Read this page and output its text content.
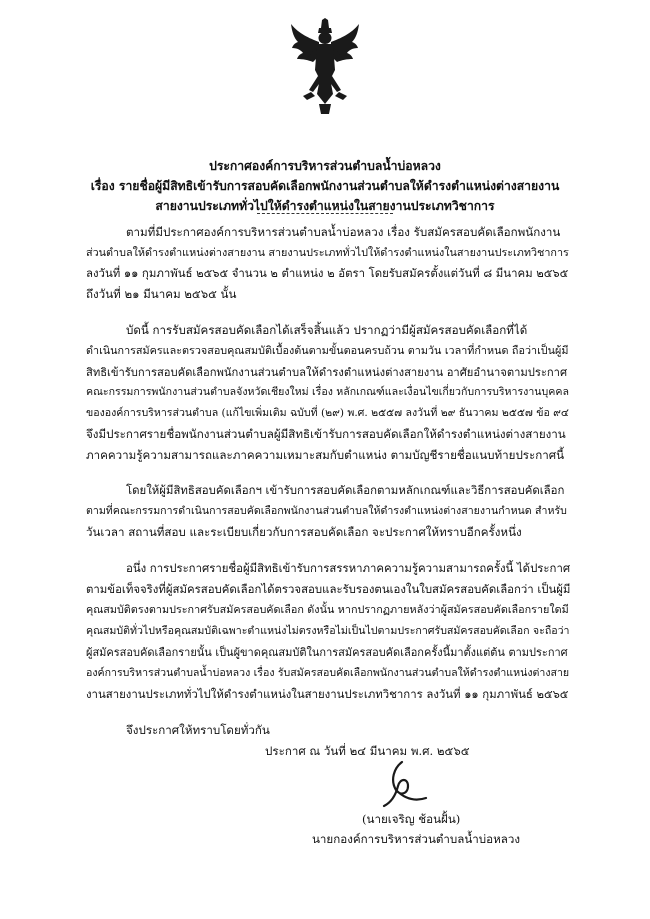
ประกาศองค์การบริหารส่วนตำบลน้ำบ่อหลวง
เรื่อง รายชื่อผู้มีสิทธิเข้ารับการสอบคัดเลือกพนักงานส่วนตำบลให้ดำรงตำแหน่งต่างสายงาน
สายงานประเภททั่วไปให้ดำรงตำแหน่งในสายงานประเภทวิชาการ
ตามที่มีประกาศองค์การบริหารส่วนตำบลน้ำบ่อหลวง เรื่อง รับสมัครสอบคัดเลือกพนักงาน
ส่วนตำบลให้ดำรงตำแหน่งต่างสายงาน สายงานประเภททั่วไปให้ดำรงตำแหน่งในสายงานประเภทวิชาการ
ลงวันที่ ๑๑ กุมภาพันธ์ ๒๕๖๕ จำนวน ๒ ตำแหน่ง ๒ อัตรา โดยรับสมัครตั้งแต่วันที่ ๘ มีนาคม ๒๕๖๕
ถึงวันที่ ๒๑ มีนาคม ๒๕๖๕ นั้น
บัดนี้ การรับสมัครสอบคัดเลือกได้เสร็จสิ้นแล้ว ปรากฏว่ามีผู้สมัครสอบคัดเลือกที่ได้
ดำเนินการสมัครและตรวจสอบคุณสมบัติเบื้องต้นตามขั้นตอนครบถ้วน ตามวัน เวลาที่กำหนด ถือว่าเป็นผู้มี
สิทธิเข้ารับการสอบคัดเลือกพนักงานส่วนตำบลให้ดำรงตำแหน่งต่างสายงาน อาศัยอำนาจตามประกาศ
คณะกรรมการพนักงานส่วนตำบลจังหวัดเชียงใหม่ เรื่อง หลักเกณฑ์และเงื่อนไขเกี่ยวกับการบริหารงานบุคคล
ขององค์การบริหารส่วนตำบล (แก้ไขเพิ่มเติม ฉบับที่ (๒๙) พ.ศ. ๒๕๕๗ ลงวันที่ ๒๙ ธันวาคม ๒๕๕๗ ข้อ ๙๔
จึงมีประกาศรายชื่อพนักงานส่วนตำบลผู้มีสิทธิเข้ารับการสอบคัดเลือกให้ดำรงตำแหน่งต่างสายงาน
ภาคความรู้ความสามารถและภาคความเหมาะสมกับตำแหน่ง ตามบัญชีรายชื่อแนบท้ายประกาศนี้
โดยให้ผู้มีสิทธิสอบคัดเลือกฯ เข้ารับการสอบคัดเลือกตามหลักเกณฑ์และวิธีการสอบคัดเลือก
ตามที่คณะกรรมการดำเนินการสอบคัดเลือกพนักงานส่วนตำบลให้ดำรงตำแหน่งต่างสายงานกำหนด สำหรับ
วันเวลา สถานที่สอบ และระเบียบเกี่ยวกับการสอบคัดเลือก จะประกาศให้ทราบอีกครั้งหนึ่ง
อนึ่ง การประกาศรายชื่อผู้มีสิทธิเข้ารับการสรรหาภาคความรู้ความสามารถครั้งนี้ ได้ประกาศ
ตามข้อเท็จจริงที่ผู้สมัครสอบคัดเลือกได้ตรวจสอบและรับรองตนเองในใบสมัครสอบคัดเลือกว่า เป็นผู้มี
คุณสมบัติตรงตามประกาศรับสมัครสอบคัดเลือก ดังนั้น หากปรากฏภายหลังว่าผู้สมัครสอบคัดเลือกรายใดมี
คุณสมบัติทั่วไปหรือคุณสมบัติเฉพาะตำแหน่งไม่ตรงหรือไม่เป็นไปตามประกาศรับสมัครสอบคัดเลือก จะถือว่า
ผู้สมัครสอบคัดเลือกรายนั้น เป็นผู้ขาดคุณสมบัติในการสมัครสอบคัดเลือกครั้งนี้มาตั้งแต่ต้น ตามประกาศ
องค์การบริหารส่วนตำบลน้ำบ่อหลวง เรื่อง รับสมัครสอบคัดเลือกพนักงานส่วนตำบลให้ดำรงตำแหน่งต่างสาย
งานสายงานประเภททั่วไปให้ดำรงตำแหน่งในสายงานประเภทวิชาการ ลงวันที่ ๑๑ กุมภาพันธ์ ๒๕๖๕
จึงประกาศให้ทราบโดยทั่วกัน
ประกาศ ณ วันที่ ๒๔ มีนาคม พ.ศ. ๒๕๖๕
(นายเจริญ ช้อนฝั้น)
นายกองค์การบริหารส่วนตำบลน้ำบ่อหลวง
